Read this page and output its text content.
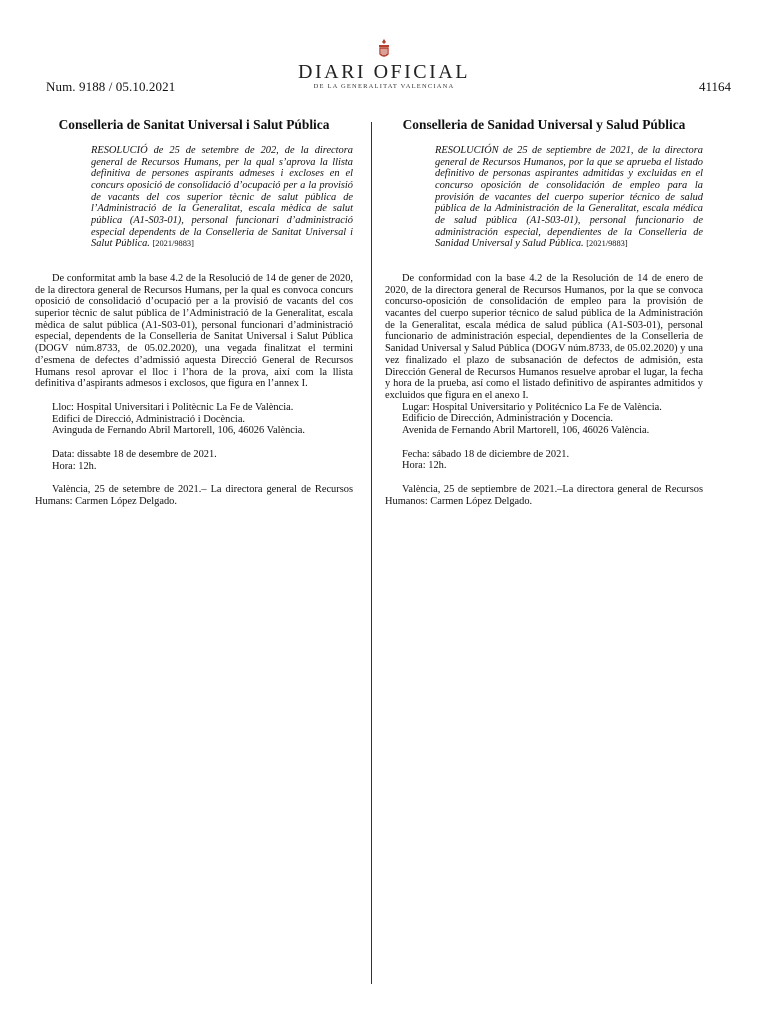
Num. 9188 / 05.10.2021	41164
DIARI OFICIAL
DE LA GENERALITAT VALENCIANA

Conselleria de Sanitat Universal i Salut Pública

RESOLUCIÓ de 25 de setembre de 202, de la directora general de Recursos Humans, per la qual s’aprova la llista definitiva de persones aspirants admeses i excloses en el concurs oposició de consolidació d’ocupació per a la provisió de vacants del cos superior tècnic de salut pública de l’Administració de la Generalitat, escala mèdica de salut pública (A1-S03-01), personal funcionari d’administració especial dependents de la Conselleria de Sanitat Universal i Salut Pública. [2021/9883]

De conformitat amb la base 4.2 de la Resolució de 14 de gener de 2020, de la directora general de Recursos Humans, per la qual es convoca concurs oposició de consolidació d’ocupació per a la provisió de vacants del cos superior tècnic de salut pública de l’Administració de la Generalitat, escala mèdica de salut pública (A1-S03-01), personal funcionari d’administració especial, dependents de la Conselleria de Sanitat Universal i Salut Pública (DOGV núm.8733, de 05.02.2020), una vegada finalitzat el termini d’esmena de defectes d’admissió aquesta Direcció General de Recursos Humans resol aprovar el lloc i l’hora de la prova, així com la llista definitiva d’aspirants admesos i exclosos, que figura en l’annex I.

Lloc: Hospital Universitari i Politècnic La Fe de València.

Edifici de Direcció, Administració i Docència.

Avinguda de Fernando Abril Martorell, 106, 46026 València.

Data: dissabte 18 de desembre de 2021.

Hora: 12h.

València, 25 de setembre de 2021.– La directora general de Recursos Humans: Carmen López Delgado.

Conselleria de Sanidad Universal y Salud Pública

RESOLUCIÓN de 25 de septiembre de 2021, de la directora general de Recursos Humanos, por la que se aprueba el listado definitivo de personas aspirantes admitidas y excluidas en el concurso oposición de consolidación de empleo para la provisión de vacantes del cuerpo superior técnico de salud pública de la Administración de la Generalitat, escala médica de salud pública (A1-S03-01), personal funcionario de administración especial, dependientes de la Conselleria de Sanidad Universal y Salud Pública. [2021/9883]

De conformidad con la base 4.2 de la Resolución de 14 de enero de 2020, de la directora general de Recursos Humanos, por la que se convoca concurso-oposición de consolidación de empleo para la provisión de vacantes del cuerpo superior técnico de salud pública de la Administración de la Generalitat, escala médica de salud pública (A1-S03-01), personal funcionario de administración especial, dependientes de la Conselleria de Sanidad Universal y Salud Pública (DOGV núm.8733, de 05.02.2020) y una vez finalizado el plazo de subsanación de defectos de admisión, esta Dirección General de Recursos Humanos resuelve aprobar el lugar, la fecha y hora de la prueba, así como el listado definitivo de aspirantes admitidos y excluidos que figura en el anexo I.

Lugar: Hospital Universitario y Politécnico La Fe de València.

Edificio de Dirección, Administración y Docencia.

Avenida de Fernando Abril Martorell, 106, 46026 València.

Fecha: sábado 18 de diciembre de 2021.

Hora: 12h.

València, 25 de septiembre de 2021.–La directora general de Recursos Humanos: Carmen López Delgado.
